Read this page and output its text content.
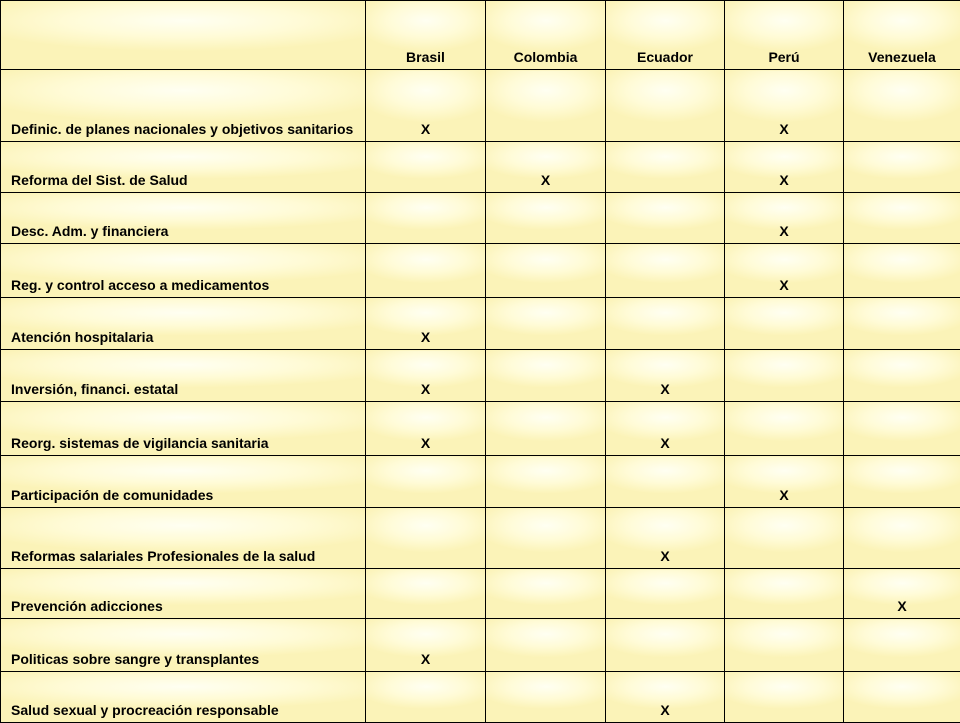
	Brasil	Colombia	Ecuador	Perú	Venezuela
Definic. de planes nacionales y objetivos sanitarios	X			X	
Reforma del Sist. de Salud		X		X	
Desc. Adm. y financiera				X	
Reg. y control acceso a medicamentos				X	
Atención hospitalaria	X				
Inversión, financi. estatal	X		X		
Reorg. sistemas de vigilancia sanitaria	X		X		
Participación de comunidades				X	
Reformas salariales Profesionales de la salud			X		
Prevención adicciones					X
Politicas sobre sangre y transplantes	X				
Salud sexual y procreación responsable			X		
